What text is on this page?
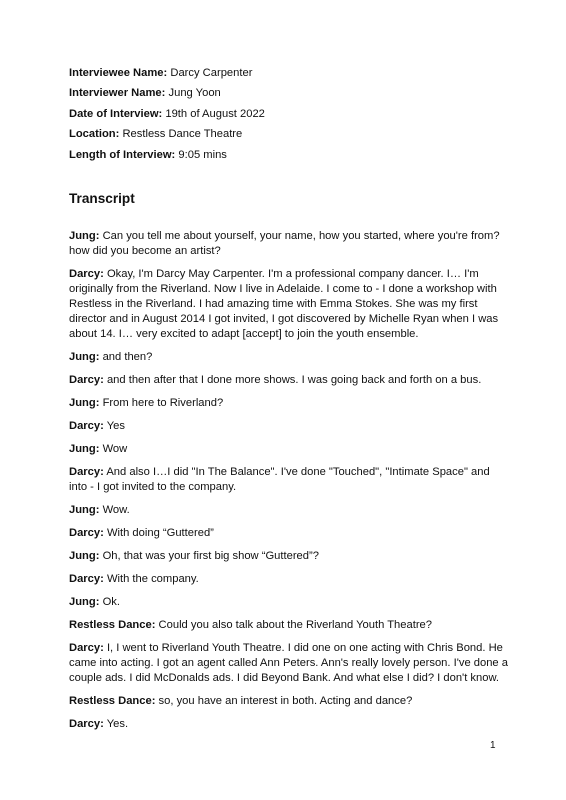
Interviewee Name: Darcy Carpenter
Interviewer Name: Jung Yoon
Date of Interview: 19th of August 2022
Location: Restless Dance Theatre
Length of Interview: 9:05 mins
Transcript
Jung: Can you tell me about yourself, your name, how you started, where you're from? how did you become an artist?
Darcy: Okay, I'm Darcy May Carpenter. I'm a professional company dancer. I… I'm originally from the Riverland. Now I live in Adelaide. I come to - I done a workshop with Restless in the Riverland. I had amazing time with Emma Stokes. She was my first director and in August 2014 I got invited, I got discovered by Michelle Ryan when I was about 14. I… very excited to adapt [accept] to join the youth ensemble.
Jung: and then?
Darcy: and then after that I done more shows. I was going back and forth on a bus.
Jung: From here to Riverland?
Darcy: Yes
Jung: Wow
Darcy: And also I…I did "In The Balance". I've done "Touched", "Intimate Space" and into - I got invited to the company.
Jung: Wow.
Darcy: With doing “Guttered”
Jung: Oh, that was your first big show “Guttered”?
Darcy: With the company.
Jung: Ok.
Restless Dance: Could you also talk about the Riverland Youth Theatre?
Darcy: I, I went to Riverland Youth Theatre. I did one on one acting with Chris Bond. He came into acting. I got an agent called Ann Peters. Ann's really lovely person. I've done a couple ads. I did McDonalds ads. I did Beyond Bank. And what else I did? I don't know.
Restless Dance: so, you have an interest in both. Acting and dance?
Darcy: Yes.
1
